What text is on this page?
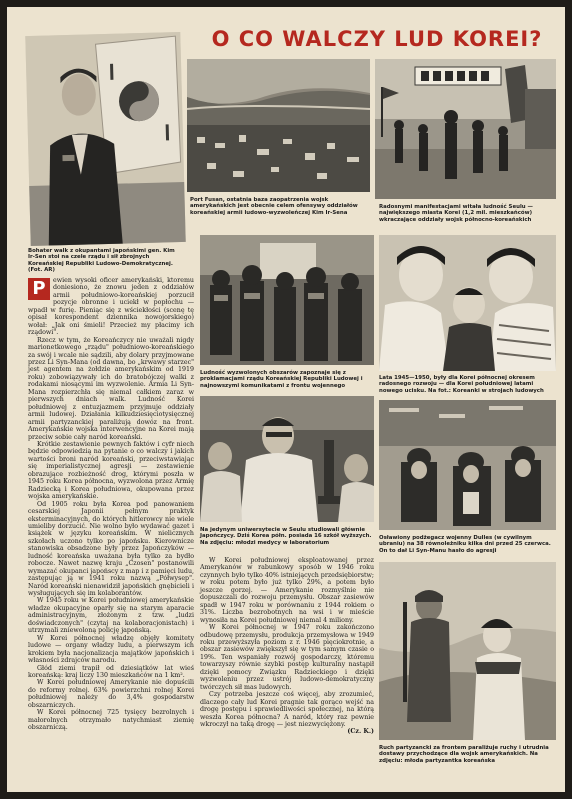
O CO WALCZY LUD KOREI?
Bohater walk z okupantami japońskimi gen. Kim Ir-Sen stoi na czele rządu i sił zbrojnych Koreańskiej Republiki Ludowo-Demokratycznej. (Fot. AR)
Port Fusan, ostatnia baza zaopatrzenia wojsk amerykańskich jest obecnie celem ofensywy oddziałów koreańskiej armii ludowo-wyzwoleńczej Kim Ir-Sena
Radosnymi manifestacjami witała ludność Seulu — największego miasta Korei (1,2 mil. mieszkańców) wkraczające oddziały wojsk północno-koreańskich
Ludność wyzwolonych obszarów zapoznaje się z proklamacjami rządu Koreańskiej Republiki Ludowej i najnowszymi komunikatami z frontu wojennego
Lata 1945—1950, były dla Korei północnej okresem radosnego rozwoju — dla Korei południowej latami nowego ucisku. Na fot.: Koreanki w strojach ludowych
Na jedynym uniwersytecie w Seulu studiowali głównie Japończycy. Dziś Korea półn. posiada 16 szkół wyższych. Na zdjęciu: młodzi medycy w laboratorium
Osławiony podżegacz wojenny Dulles (w cywilnym ubraniu) na 38 równoleżniku kilka dni przed 25 czerwca. On to dał Li Syn-Manu hasło do agresji
Ruch partyzancki za frontem paraliżuje ruchy i utrudnia dostawy przychodzące dla wojsk amerykańskich. Na zdjęciu: młoda partyzantka koreańska
P	ewien wysoki oficer amerykański, ktoremu doniesiono, że znowu jeden z oddziałów armii południowo-koreańskiej porzucił pozycje obronne i uciekł w popłochu — wpadł w furię. Pieniąc się z wściekłości (scenę tę opisał korespondent dziennika nowojorskiego) wołał: „Jak oni śmieli! Przecież my płacimy ich rządowi".

Rzecz w tym, że Koreańczycy nie uważali nigdy marionetkowego „rządu" południowo-koreańskiego za swój i wcale nie sądzili, aby dolary przyjmowane przez Li Syn-Mana (od dawna, bo „krwawy starzec" jest agentem na żołdzie amerykańskim od 1919 roku) zobowiązywały ich do bratobójczej walki z rodakami niosącymi im wyzwolenie. Armia Li Syn-Mana rozpierzchła się niemal całkiem zaraz w pierwszych dniach walk. Ludność Korei południowej z entuzjazmem przyjmuje oddziały armii ludowej. Działania kilkudziesięciotysięcznej armii partyzanckiej paraliżują dowóz na front. Amerykańskie wojska interwencyjne na Korei mają przeciw sobie cały naród koreański.

Krótkie zestawienie pewnych faktów i cyfr niech będzie odpowiedzią na pytanie o co walczy i jakich wartości broni naród koreański, przeciwstawiając się imperialistycznej agresji — zestawienie obrazujące rozbieżność drog, którymi poszła w 1945 roku Korea północna, wyzwolona przez Armię Radziecką i Korea południowa, okupowana przez wojska amerykańskie.

Od 1905 roku była Korea pod panowaniem cesarskiej Japonii pełnym praktyk eksterminacyjnych, do których hitlerowcy nie wiele umieliby dorzucić. Nie wolno było wydawać gazet i książek w języku koreańskim. W nielicznych szkołach uczono tylko po japońsku. Kierownicze stanowiska obsadzone były przez Japończyków — ludność koreańska uważana była tylko za bydło robocze. Nawet nazwę kraju „Czosen" postanowili wymazać okupanci japońscy z map i z pamięci ludu, zastępując ją w 1941 roku nazwą „Półwysep". Naród koreański nienawidził japońskich gnębicieli i wysługujących się im kolaborantów.

W 1945 roku w Korei południowej amerykańskie władze okupacyjne oparły się na starym aparacie administracyjnym, złożonym z tzw. „ludzi doświadczonych" (czytaj na kolaboracjonistach) i utrzymali zniewoloną policję japońską.

W Korei północnej władzę objęły komitety ludowe — organy władzy ludu, a pierwszym ich krokiem była nacjonalizacja majątków japońskich i własności zdrajców narodu.

Głód ziemi trapił od dziesiątków lat wieś koreańską: kraj liczy 130 mieszkańców na 1 km².

W Korei południowej Amerykanie nie dopuścili do reformy rolnej. 63% powierzchni rolnej Korei południowej należy do 3,4% gospodarstw obszarniczych.

W Korei północnej 725 tysięcy bezrolnych i małorolnych otrzymało natychmiast ziemię obszarniczą.

W Korei południowej eksploatowanej przez Amerykanów w rabunkowy sposób w 1946 roku czynnych było tylko 40% istniejących przedsiębiorstw; w roku potem było już tylko 29%, a potem było jeszcze gorzej. — Amerykanie rozmyślnie nie dopuszczali do rozwoju przemysłu. Obszar zasiewów spadł w 1947 roku w porównaniu z 1944 rokiem o 31%. Liczba bezrobotnych na wsi i w mieście wynosiła na Korei południowej niemal 4 miliony.

W Korei północnej w 1947 roku zakończono odbudowę przemysłu, produkcja przemysłowa w 1949 roku przewyższyła poziom z r. 1946 pięciokrotnie, a obszar zasiewów zwiększył się w tym samym czasie o 19%. Ten wspaniały rozwój gospodarczy, któremu towarzyszy równie szybki postęp kulturalny nastąpił dzięki pomocy Związku Radzieckiego i dzięki wyzwoleniu przez ustrój ludowo-demokratyczny twórczych sił mas ludowych.

Czy potrzeba jeszcze coś więcej, aby zrozumieć, dlaczego cały lud Korei pragnie tak gorąco wejść na drogę postępu i sprawiedliwości społecznej, na którą weszła Korea północna? A naród, który raz pewnie wkroczył na taką drogę — jest niezwyciężony.

(Cz. K.)
